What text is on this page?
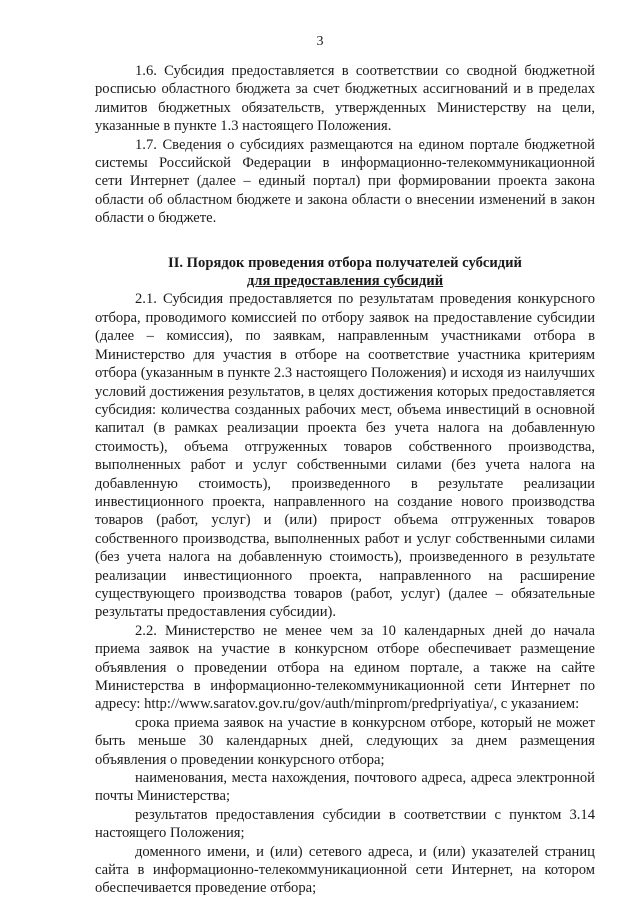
3

1.6. Субсидия предоставляется в соответствии со сводной бюджетной росписью областного бюджета за счет бюджетных ассигнований и в пределах лимитов бюджетных обязательств, утвержденных Министерству на цели, указанные в пункте 1.3 настоящего Положения.

1.7. Сведения о субсидиях размещаются на едином портале бюджетной системы Российской Федерации в информационно-телекоммуникационной сети Интернет (далее – единый портал) при формировании проекта закона области об областном бюджете и закона области о внесении изменений в закон области о бюджете.

II. Порядок проведения отбора получателей субсидий
для предоставления субсидий

2.1. Субсидия предоставляется по результатам проведения конкурсного отбора, проводимого комиссией по отбору заявок на предоставление субсидии (далее – комиссия), по заявкам, направленным участниками отбора в Министерство для участия в отборе на соответствие участника критериям отбора (указанным в пункте 2.3 настоящего Положения) и исходя из наилучших условий достижения результатов, в целях достижения которых предоставляется субсидия: количества созданных рабочих мест, объема инвестиций в основной капитал (в рамках реализации проекта без учета налога на добавленную стоимость), объема отгруженных товаров собственного производства, выполненных работ и услуг собственными силами (без учета налога на добавленную стоимость), произведенного в результате реализации инвестиционного проекта, направленного на создание нового производства товаров (работ, услуг) и (или) прирост объема отгруженных товаров собственного производства, выполненных работ и услуг собственными силами (без учета налога на добавленную стоимость), произведенного в результате реализации инвестиционного проекта, направленного на расширение существующего производства товаров (работ, услуг) (далее – обязательные результаты предоставления субсидии).

2.2. Министерство не менее чем за 10 календарных дней до начала приема заявок на участие в конкурсном отборе обеспечивает размещение объявления о проведении отбора на едином портале, а также на сайте Министерства в информационно-телекоммуникационной сети Интернет по адресу: http://www.saratov.gov.ru/gov/auth/minprom/predpriyatiya/, с указанием:

срока приема заявок на участие в конкурсном отборе, который не может быть меньше 30 календарных дней, следующих за днем размещения объявления о проведении конкурсного отбора;

наименования, места нахождения, почтового адреса, адреса электронной почты Министерства;

результатов предоставления субсидии в соответствии с пунктом 3.14 настоящего Положения;

доменного имени, и (или) сетевого адреса, и (или) указателей страниц сайта в информационно-телекоммуникационной сети Интернет, на котором обеспечивается проведение отбора;
